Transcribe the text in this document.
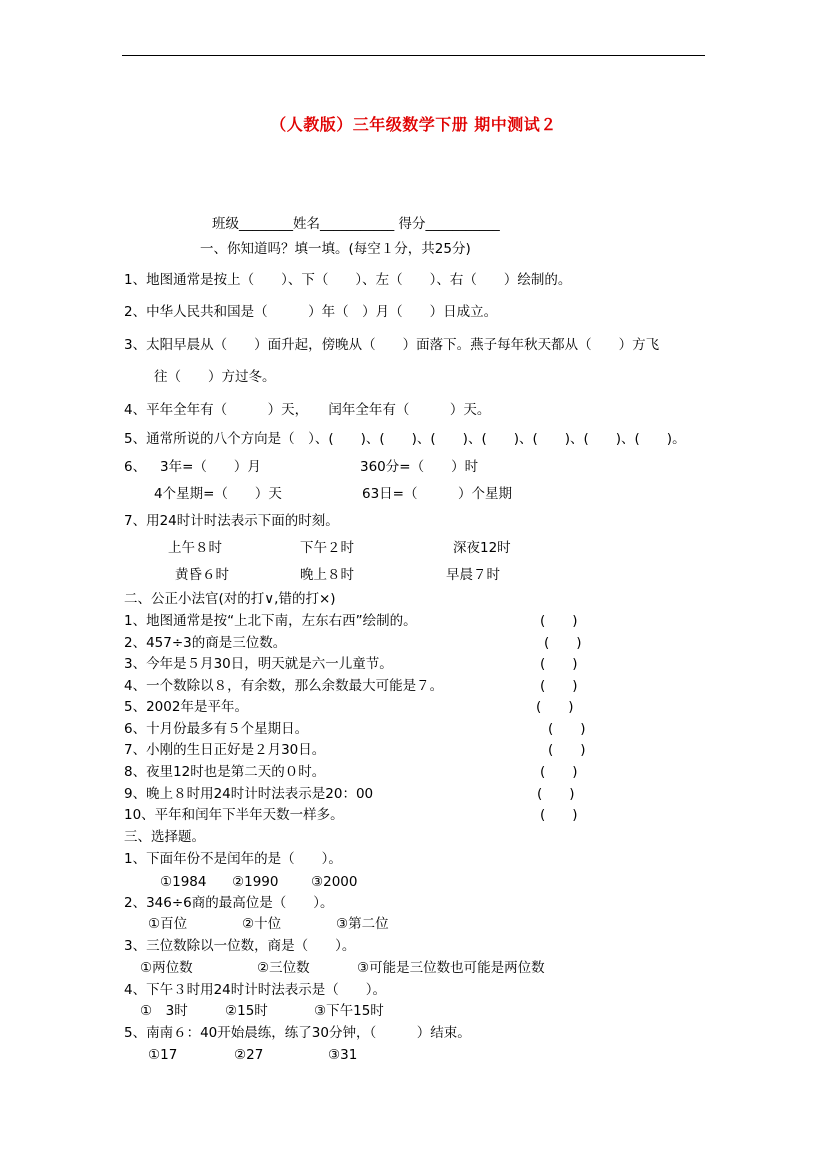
（人教版）三年级数学下册 期中测试２
班级________姓名___________ 得分___________
一、你知道吗？填一填。(每空１分，共25分)
1、地图通常是按上（　　）、下（　　）、左（　　）、右（　　）绘制的。
2、中华人民共和国是（　　　）年（　）月（　　）日成立。
3、太阳早晨从（　　）面升起，傍晚从（　　）面落下。燕子每年秋天都从（　　）方飞
往（　　）方过冬。
4、平年全年有（　　　）天，　　闰年全年有（　　　）天。
5、通常所说的八个方向是（　）、(　　)、(　　)、(　　)、(　　)、(　　)、(　　)、(　　)。
6、 3年=（　　）月	360分=（　　）时
4个星期=（　　）天	63日=（　　　）个星期
7、用24时计时法表示下面的时刻。
上午８时	下午２时	深夜12时
黄昏６时	晚上８时	早晨７时
二、公正小法官(对的打∨,错的打×)
1、地图通常是按“上北下南，左东右西”绘制的。	(　　)
2、457÷3的商是三位数。	(　　)
3、今年是５月30日，明天就是六一儿童节。	(　　)
4、一个数除以８，有余数，那么余数最大可能是７。	(　　)
5、2002年是平年。	(　　)
6、十月份最多有５个星期日。	(　　)
7、小刚的生日正好是２月30日。	(　　)
8、夜里12时也是第二天的０时。	(　　)
9、晚上８时用24时计时法表示是20：00	(　　)
10、平年和闰年下半年天数一样多。	(　　)
三、选择题。
1、下面年份不是闰年的是（　　）。
①1984 ②1990 ③2000
2、346÷6商的最高位是（　　）。
①百位	②十位	③第二位
3、三位数除以一位数，商是（　　）。
①两位数	②三位数	③可能是三位数也可能是两位数
4、下午３时用24时计时法表示是（　　）。
①　3时	②15时	③下午15时
5、南南６：40开始晨练，练了30分钟，（　　　）结束。
①17	②27	③31
